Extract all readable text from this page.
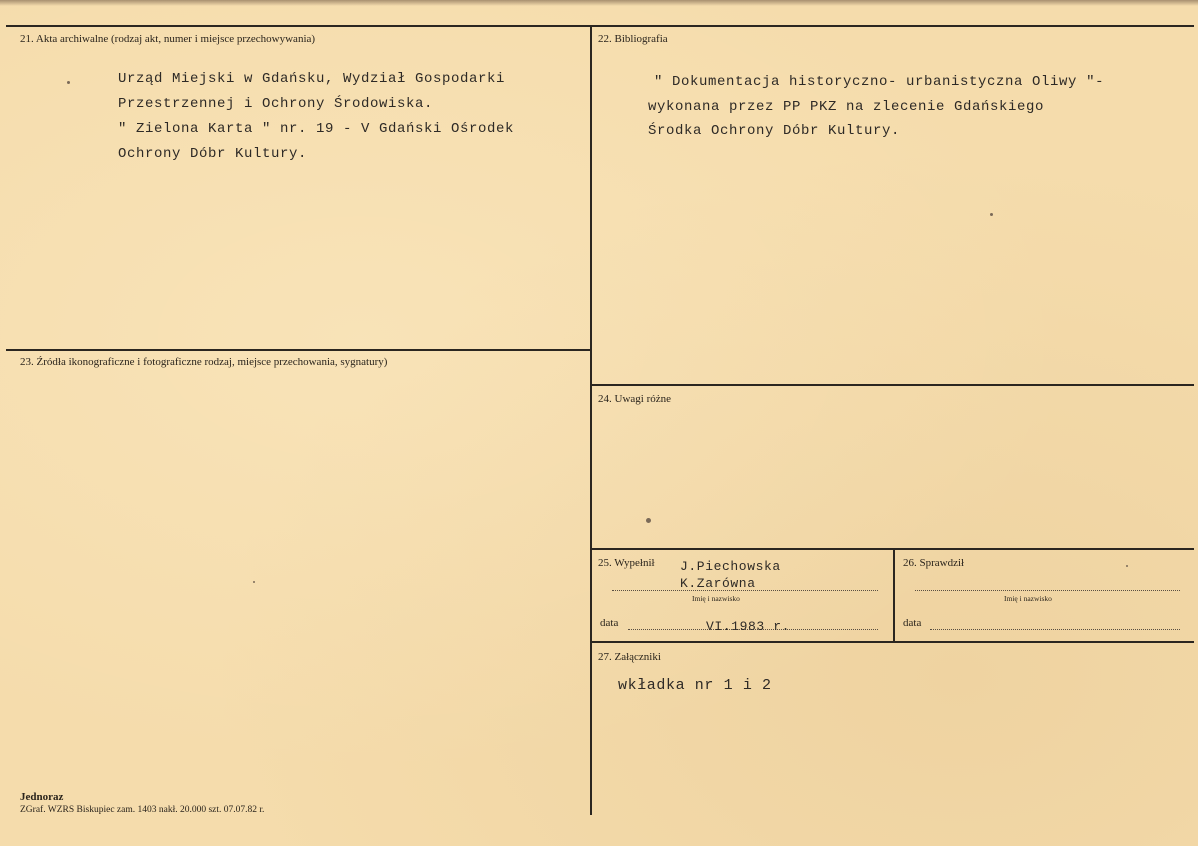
21. Akta archiwalne (rodzaj akt, numer i miejsce przechowywania)
Urząd Miejski w Gdańsku, Wydział Gospodarki
Przestrzennej i Ochrony Środowiska.
" Zielona Karta " nr. 19 - V Gdański Ośrodek
Ochrony Dóbr Kultury.
22. Bibliografia
" Dokumentacja historyczno- urbanistyczna Oliwy "-
wykonana przez PP PKZ na zlecenie Gdańskiego
Środka Ochrony Dóbr Kultury.
23. Źródła ikonograficzne i fotograficzne rodzaj, miejsce przechowania, sygnatury)
24. Uwagi różne
25. Wypełnił J.Piechowska
K.Zarówna
Imię i nazwisko
data	VI.1983 r.
26. Sprawdził
Imię i nazwisko
data
27. Załączniki
wkładka nr 1 i 2
Jednoraz
ZGraf. WZRS Biskupiec zam. 1403 nakł. 20.000 szt. 07.07.82 r.
